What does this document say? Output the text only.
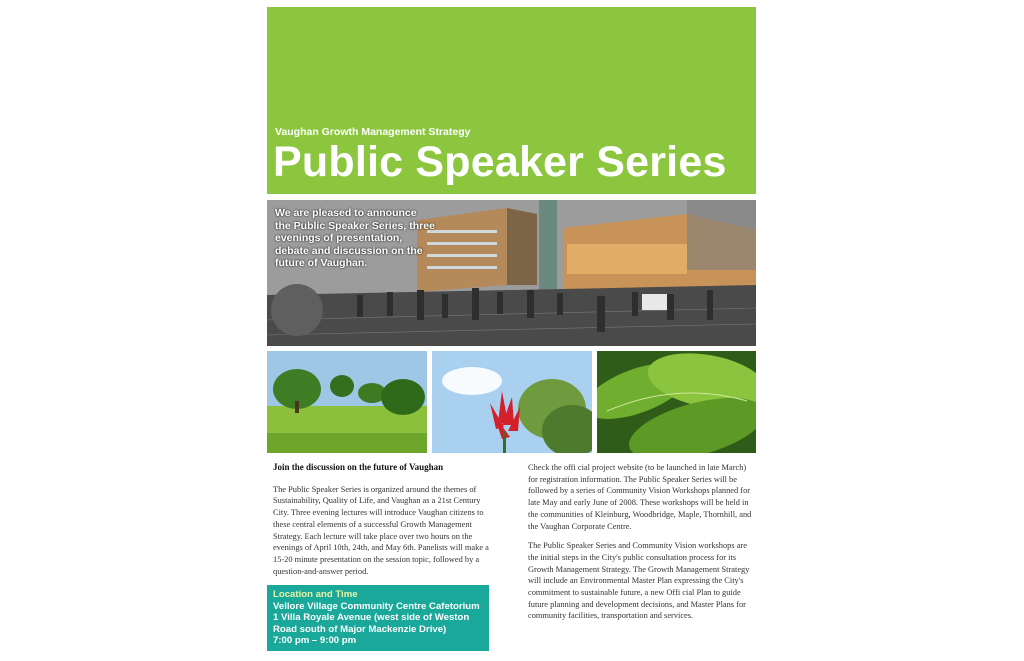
Vaughan Growth Management Strategy
Public Speaker Series
We are pleased to announce the Public Speaker Series, three evenings of presentation, debate and discussion on the future of Vaughan.
Join the discussion on the future of Vaughan

The Public Speaker Series is organized around the themes of Sustainability, Quality of Life, and Vaughan as a 21st Century City. Three evening lectures will introduce Vaughan citizens to these central elements of a successful Growth Management Strategy. Each lecture will take place over two hours on the evenings of April 10th, 24th, and May 6th. Panelists will make a 15-20 minute presentation on the session topic, followed by a question-and-answer period.

Location and Time
Vellore Village Community Centre Cafetorium
1 Villa Royale Avenue (west side of Weston Road south of Major Mackenzie Drive)
7:00 pm – 9:00 pm

Check the offi cial project website (to be launched in late March) for registration information. The Public Speaker Series will be followed by a series of Community Vision Workshops planned for late May and early June of 2008. These workshops will be held in the communities of Kleinburg, Woodbridge, Maple, Thornhill, and the Vaughan Corporate Centre.

The Public Speaker Series and Community Vision workshops are the initial steps in the City's public consultation process for its Growth Management Strategy. The Growth Management Strategy will include an Environmental Master Plan expressing the City's commitment to sustainable future, a new Offi cial Plan to guide future planning and development decisions, and Master Plans for community facilities, transportation and services.
